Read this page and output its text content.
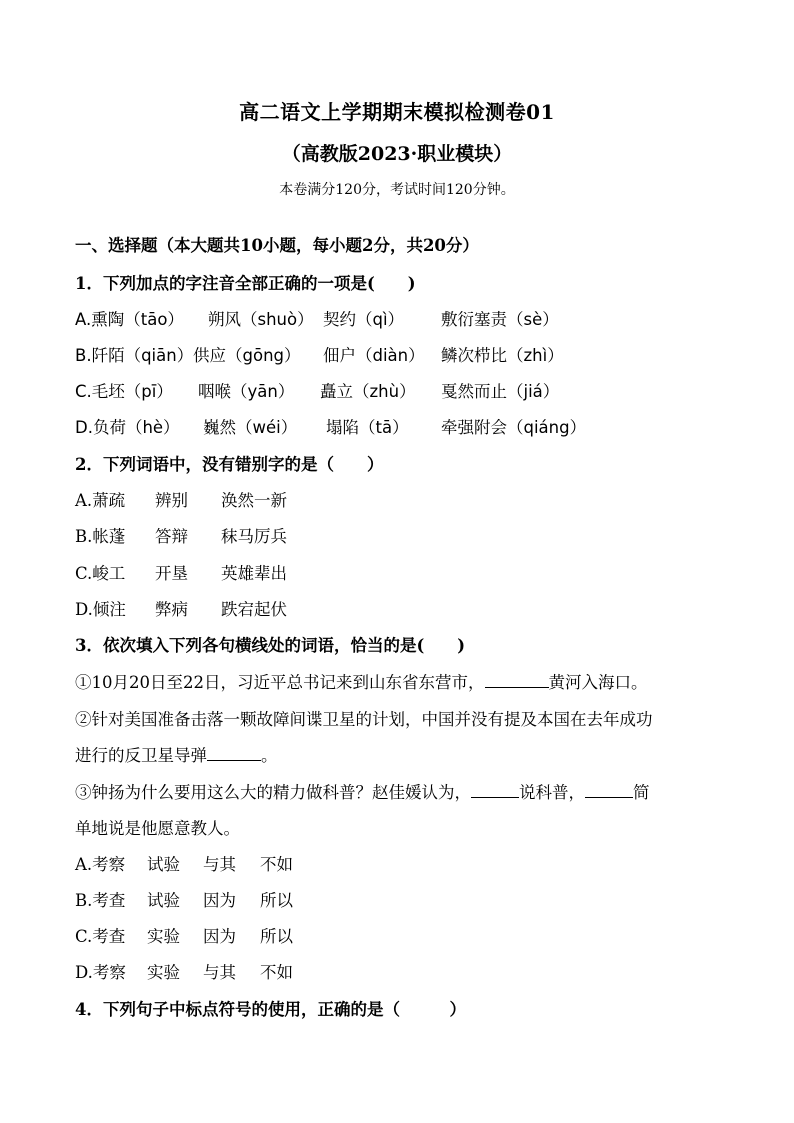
高二语文上学期期末模拟检测卷01
（高教版2023·职业模块）
本卷满分120分，考试时间120分钟。
一、选择题（本大题共10小题，每小题2分，共20分）
1．下列加点的字注音全部正确的一项是(　　)
A.熏陶（tāo） 朔风（shuò） 契约（qì） 敷衍塞责（sè）
B.阡陌（qiān）供应（gōng） 佃户（diàn） 鳞次栉比（zhì）
C.毛坯（pī） 咽喉（yān） 矗立（zhù） 戛然而止（jiá）
D.负荷（hè） 巍然（wéi） 塌陷（tā） 牵强附会（qiáng）
2．下列词语中，没有错别字的是（　　）
A.萧疏 辨别 涣然一新
B.帐蓬 答辩 秣马厉兵
C.峻工 开垦 英雄辈出
D.倾注 弊病 跌宕起伏
3．依次填入下列各句横线处的词语，恰当的是(　　)
①10月20日至22日，习近平总书记来到山东省东营市，	黄河入海口。
②针对美国准备击落一颗故障间谍卫星的计划，中国并没有提及本国在去年成功
进行的反卫星导弹	。
③钟扬为什么要用这么大的精力做科普？赵佳媛认为，	说科普，	简
单地说是他愿意教人。
A.考察 试验 与其 不如
B.考查 试验 因为 所以
C.考查 实验 因为 所以
D.考察 实验 与其 不如
4．下列句子中标点符号的使用，正确的是（　　　）
